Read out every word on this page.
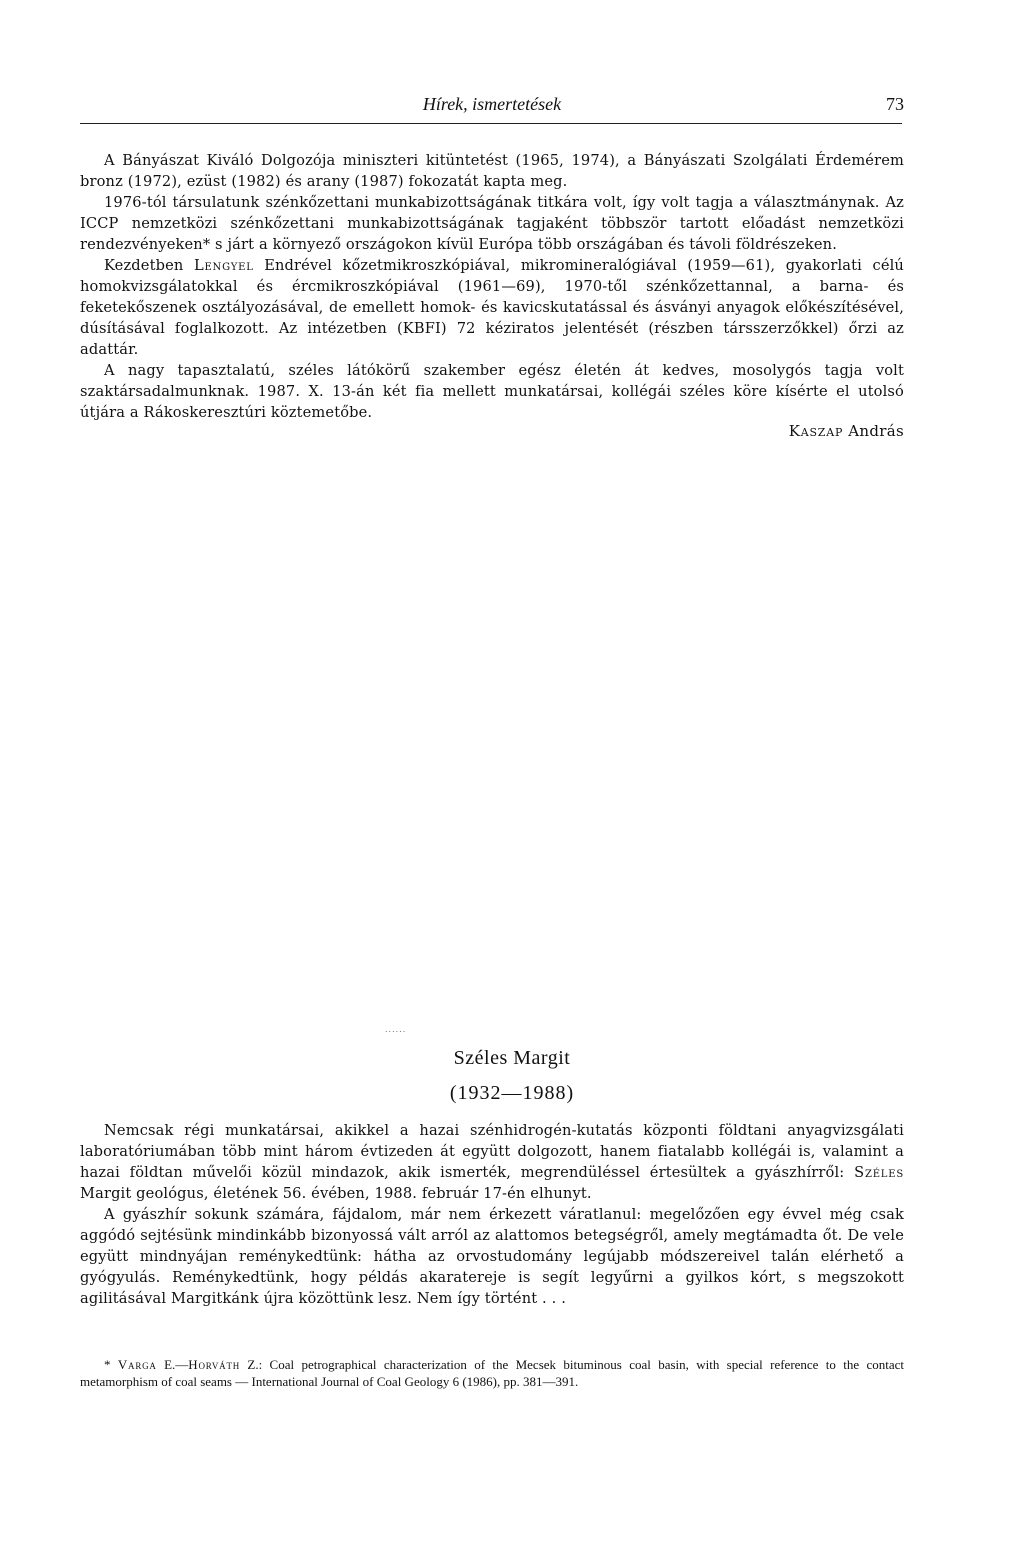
Hírek, ismertetések	73

A Bányászat Kiváló Dolgozója miniszteri kitüntetést (1965, 1974), a Bányászati Szolgálati Érdemérem bronz (1972), ezüst (1982) és arany (1987) fokozatát kapta meg.

1976-tól társulatunk szénkőzettani munkabizottságának titkára volt, így volt tagja a választmánynak. Az ICCP nemzetközi szénkőzettani munkabizottságának tagjaként többször tartott előadást nemzetközi rendezvényeken* s járt a környező országokon kívül Európa több országában és távoli földrészeken.

Kezdetben Lengyel Endrével kőzetmikroszkópiával, mikromineralógiával (1959—61), gyakorlati célú homokvizsgálatokkal és ércmikroszkópiával (1961—69), 1970-től szénkőzettannal, a barna- és feketekőszenek osztályozásával, de emellett homok- és kavicskutatással és ásványi anyagok előkészítésével, dúsításával foglalkozott. Az intézetben (KBFI) 72 kéziratos jelentését (részben társszerzőkkel) őrzi az adattár.

A nagy tapasztalatú, széles látókörű szakember egész életén át kedves, mosolygós tagja volt szaktársadalmunknak. 1987. X. 13-án két fia mellett munkatársai, kollégái széles köre kísérte el utolsó útjára a Rákoskeresztúri köztemetőbe.

Kaszap András
......
Széles Margit
(1932—1988)

Nemcsak régi munkatársai, akikkel a hazai szénhidrogén-kutatás központi földtani anyagvizsgálati laboratóriumában több mint három évtizeden át együtt dolgozott, hanem fiatalabb kollégái is, valamint a hazai földtan művelői közül mindazok, akik ismerték, megrendüléssel értesültek a gyászhírről: Széles Margit geológus, életének 56. évében, 1988. február 17-én elhunyt.

A gyászhír sokunk számára, fájdalom, már nem érkezett váratlanul: megelőzően egy évvel még csak aggódó sejtésünk mindinkább bizonyossá vált arról az alattomos betegségről, amely megtámadta őt. De vele együtt mindnyájan reménykedtünk: hátha az orvostudomány legújabb módszereivel talán elérhető a gyógyulás. Reménykedtünk, hogy példás akaratereje is segít legyűrni a gyilkos kórt, s megszokott agilitásával Margitkánk újra közöttünk lesz. Nem így történt . . .

* Varga E.—Horváth Z.: Coal petrographical characterization of the Mecsek bituminous coal basin, with special reference to the contact metamorphism of coal seams — International Journal of Coal Geology 6 (1986), pp. 381—391.
